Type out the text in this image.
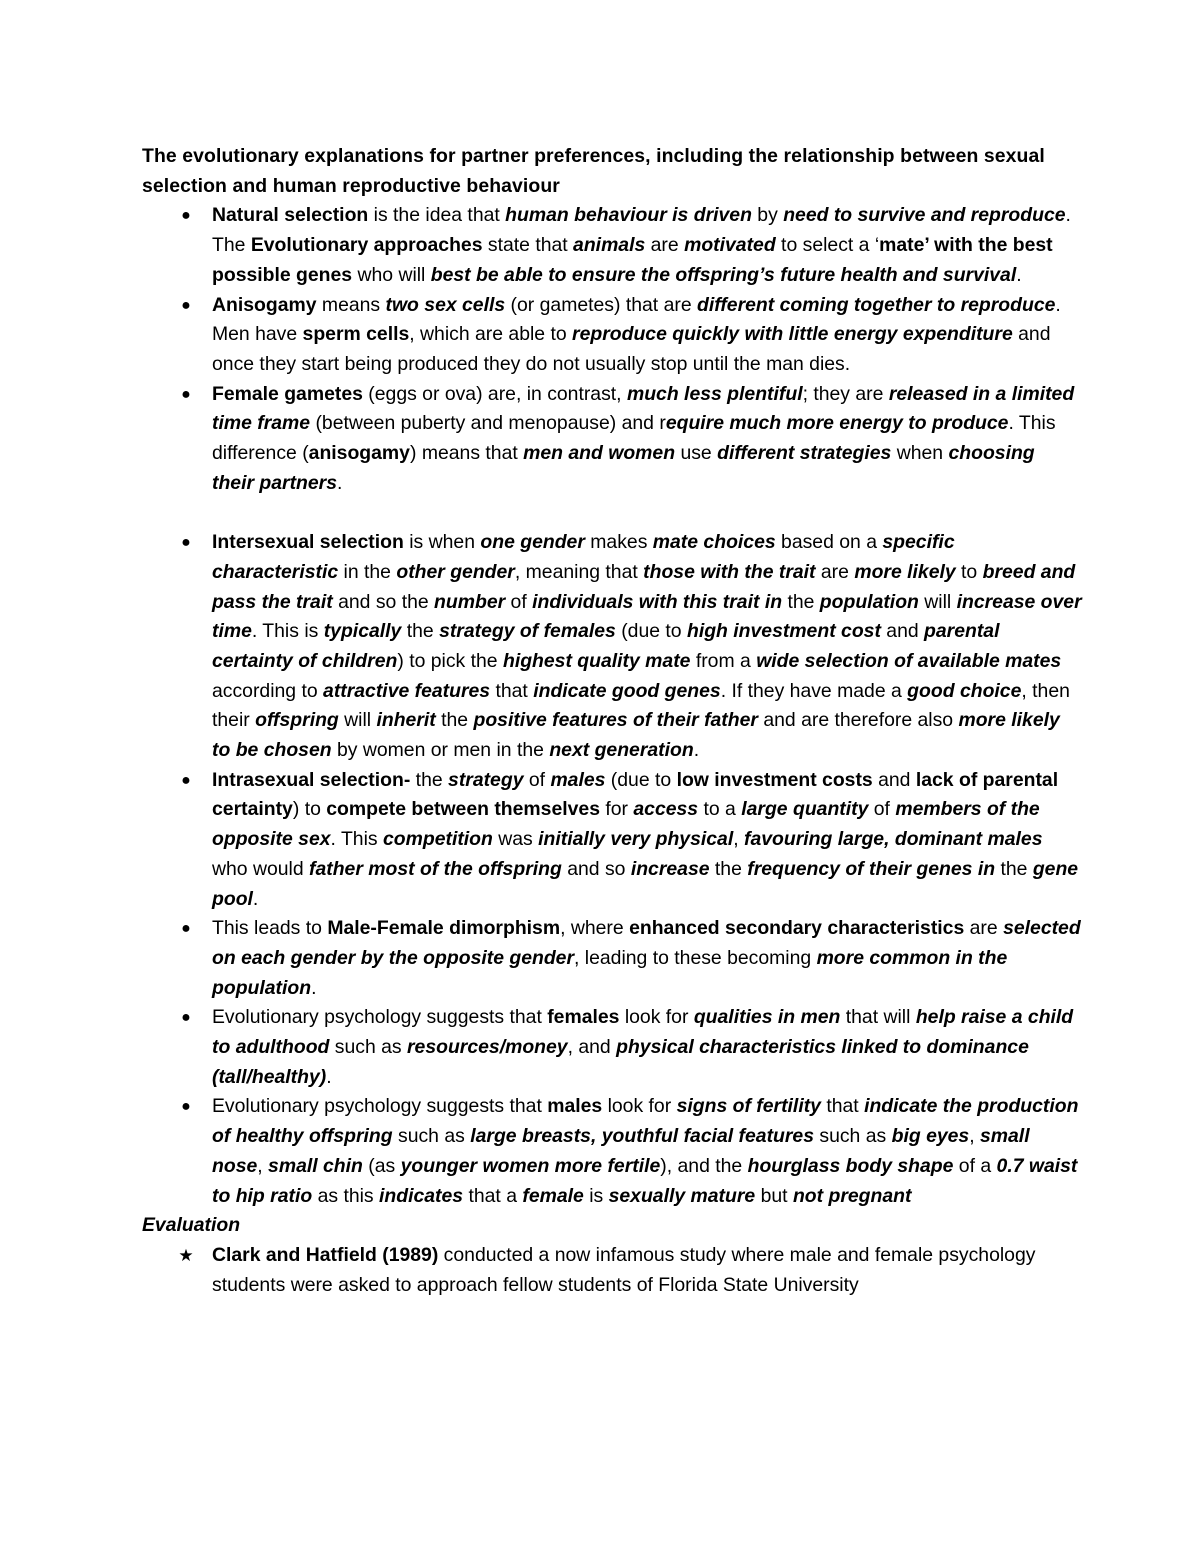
The evolutionary explanations for partner preferences, including the relationship between sexual selection and human reproductive behaviour

● Natural selection is the idea that human behaviour is driven by need to survive and reproduce. The Evolutionary approaches state that animals are motivated to select a ‘mate’ with the best possible genes who will best be able to ensure the offspring’s future health and survival.
● Anisogamy means two sex cells (or gametes) that are different coming together to reproduce. Men have sperm cells, which are able to reproduce quickly with little energy expenditure and once they start being produced they do not usually stop until the man dies.
● Female gametes (eggs or ova) are, in contrast, much less plentiful; they are released in a limited time frame (between puberty and menopause) and require much more energy to produce. This difference (anisogamy) means that men and women use different strategies when choosing their partners.
● Intersexual selection is when one gender makes mate choices based on a specific characteristic in the other gender, meaning that those with the trait are more likely to breed and pass the trait and so the number of individuals with this trait in the population will increase over time. This is typically the strategy of females (due to high investment cost and parental certainty of children) to pick the highest quality mate from a wide selection of available mates according to attractive features that indicate good genes. If they have made a good choice, then their offspring will inherit the positive features of their father and are therefore also more likely to be chosen by women or men in the next generation.
● Intrasexual selection- the strategy of males (due to low investment costs and lack of parental certainty) to compete between themselves for access to a large quantity of members of the opposite sex. This competition was initially very physical, favouring large, dominant males who would father most of the offspring and so increase the frequency of their genes in the gene pool.
● This leads to Male-Female dimorphism, where enhanced secondary characteristics are selected on each gender by the opposite gender, leading to these becoming more common in the population.
● Evolutionary psychology suggests that females look for qualities in men that will help raise a child to adulthood such as resources/money, and physical characteristics linked to dominance (tall/healthy).
● Evolutionary psychology suggests that males look for signs of fertility that indicate the production of healthy offspring such as large breasts, youthful facial features such as big eyes, small nose, small chin (as younger women more fertile), and the hourglass body shape of a 0.7 waist to hip ratio as this indicates that a female is sexually mature but not pregnant

Evaluation

★ Clark and Hatfield (1989) conducted a now infamous study where male and female psychology students were asked to approach fellow students of Florida State University
